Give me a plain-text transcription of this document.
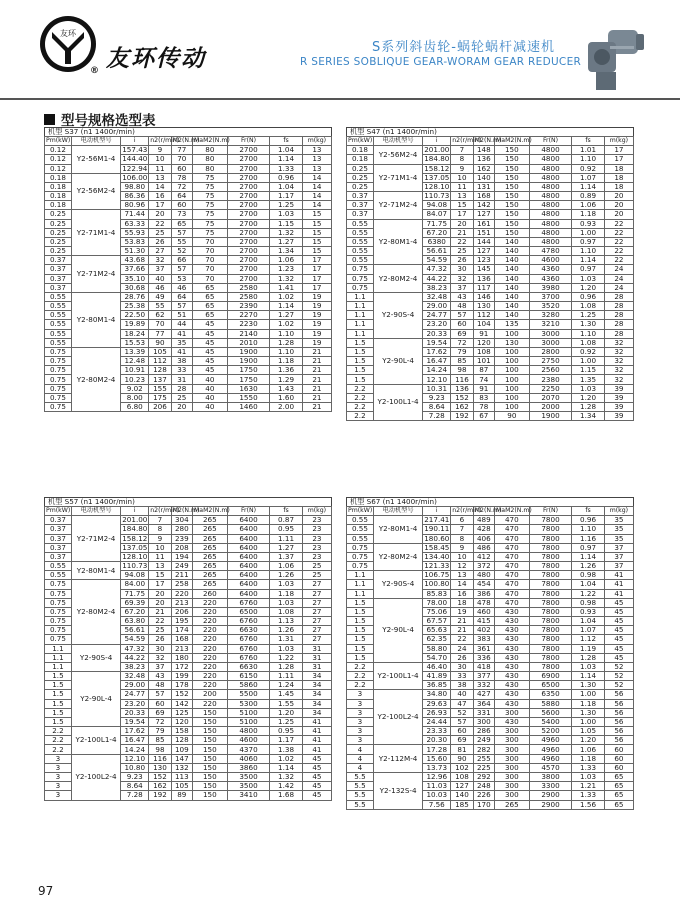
友环
® 友环传动	S系列斜齿轮-蜗轮蜗杆减速机
R SERIES SOBLIQUE GEAR-WORAM GEAR REDUCER
型号规格选型表
机型 S37 (n1 1400r/min)
Pm(kW)	电动机型号	i	n2(r/min)	M2(N.m)	MaM2(N.m)	Fr(N)	fs	m(kg)
0.12	Y2-56M1-4	157.43	9	77	80	2700	1.04	13
0.12		144.40	10	70	80	2700	1.14	13
0.12		122.94	11	60	80	2700	1.33	13
0.18	Y2-56M2-4	106.00	13	78	75	2700	0.96	14
0.18		98.80	14	72	75	2700	1.04	14
0.18		86.36	16	64	75	2700	1.17	14
0.18		80.96	17	60	75	2700	1.25	14
0.25	Y2-71M1-4	71.44	20	73	75	2700	1.03	15
0.25		63.33	22	65	75	2700	1.15	15
0.25		55.93	25	57	75	2700	1.32	15
0.25		53.83	26	55	70	2700	1.27	15
0.25		51.30	27	52	70	2700	1.34	15
0.37	Y2-71M2-4	43.68	32	66	70	2700	1.06	17
0.37		37.66	37	57	70	2700	1.23	17
0.37		35.10	40	53	70	2700	1.32	17
0.37		30.68	46	46	65	2580	1.41	17
0.55	Y2-80M1-4	28.76	49	64	65	2580	1.02	19
0.55		25.38	55	57	65	2390	1.14	19
0.55		22.50	62	51	65	2270	1.27	19
0.55		19.89	70	44	45	2230	1.02	19
0.55		18.24	77	41	45	2140	1.10	19
0.55		15.53	90	35	45	2010	1.28	19
0.75	Y2-80M2-4	13.39	105	41	45	1900	1.10	21
0.75		12.48	112	38	45	1900	1.18	21
0.75		10.91	128	33	45	1750	1.36	21
0.75		10.23	137	31	40	1750	1.29	21
0.75		9.02	155	28	40	1630	1.43	21
0.75		8.00	175	25	40	1550	1.60	21
0.75		6.80	206	20	40	1460	2.00	21
机型 S47 (n1 1400r/min)
Pm(kW)	电动机型号	i	n2(r/min)	M2(N.m)	MaM2(N.m)	Fr(N)	fs	m(kg)
0.18	Y2-56M2-4	201.00	7	148	150	4800	1.01	17
0.18		184.80	8	136	150	4800	1.10	17
0.25	Y2-71M1-4	158.12	9	162	150	4800	0.92	18
0.25		137.05	10	140	150	4800	1.07	18
0.25		128.10	11	131	150	4800	1.14	18
0.37	Y2-71M2-4	110.73	13	168	150	4800	0.89	20
0.37		94.08	15	142	150	4800	1.06	20
0.37		84.07	17	127	150	4800	1.18	20
0.55	Y2-80M1-4	71.75	20	161	150	4800	0.93	22
0.55		67.20	21	151	150	4800	1.00	22
0.55		6380	22	144	140	4800	0.97	22
0.55		56.61	25	127	140	4780	1.10	22
0.55		54.59	26	123	140	4600	1.14	22
0.75	Y2-80M2-4	47.32	30	145	140	4360	0.97	24
0.75		44.22	32	136	140	4360	1.03	24
0.75		38.23	37	117	140	3980	1.20	24
1.1	Y2-90S-4	32.48	43	146	140	3700	0.96	28
1.1		29.00	48	130	140	3520	1.08	28
1.1		24.77	57	112	140	3280	1.25	28
1.1		23.20	60	104	135	3210	1.30	28
1.1		20.33	69	91	100	3000	1.10	28
1.5	Y2-90L-4	19.54	72	120	130	3000	1.08	32
1.5		17.62	79	108	100	2800	0.92	32
1.5		16.47	85	101	100	2750	1.00	32
1.5		14.24	98	87	100	2560	1.15	32
1.5		12.10	116	74	100	2380	1.35	32
2.2	Y2-100L1-4	10.31	136	91	100	2250	1.03	39
2.2		9.23	152	83	100	2070	1.20	39
2.2		8.64	162	78	100	2000	1.28	39
2.2		7.28	192	67	90	1900	1.34	39
机型 S57 (n1 1400r/min)
Pm(kW)	电动机型号	i	n2(r/min)	M2(N.m)	MaM2(N.m)	Fr(N)	fs	m(kg)
0.37	Y2-71M2-4	201.00	7	304	265	6400	0.87	23
0.37		184.80	8	280	265	6400	0.95	23
0.37		158.12	9	239	265	6400	1.11	23
0.37		137.05	10	208	265	6400	1.27	23
0.37		128.10	11	194	265	6400	1.37	23
0.55	Y2-80M1-4	110.73	13	249	265	6400	1.06	25
0.55		94.08	15	211	265	6400	1.26	25
0.75	Y2-80M2-4	84.00	17	258	265	6400	1.03	27
0.75		71.75	20	220	260	6400	1.18	27
0.75		69.39	20	213	220	6760	1.03	27
0.75		67.20	21	206	220	6500	1.08	27
0.75		63.80	22	195	220	6760	1.13	27
0.75		56.61	25	174	220	6630	1.26	27
0.75		54.59	26	168	220	6760	1.31	27
1.1	Y2-90S-4	47.32	30	213	220	6760	1.03	31
1.1		44.22	32	180	220	6760	1.22	31
1.1		38.23	37	172	220	6630	1.28	31
1.5	Y2-90L-4	32.48	43	199	220	6150	1.11	34
1.5		29.00	48	178	220	5860	1.24	34
1.5		24.77	57	152	200	5500	1.45	34
1.5		23.20	60	142	220	5300	1.55	34
1.5		20.33	69	125	150	5100	1.20	34
1.5		19.54	72	120	150	5100	1.25	41
2.2	Y2-100L1-4	17.62	79	158	150	4800	0.95	41
2.2		16.47	85	128	150	4600	1.17	41
2.2		14.24	98	109	150	4370	1.38	41
3	Y2-100L2-4	12.10	116	147	150	4060	1.02	45
3		10.80	130	132	150	3860	1.14	45
3		9.23	152	113	150	3500	1.32	45
3		8.64	162	105	150	3500	1.42	45
3		7.28	192	89	150	3410	1.68	45
机型 S67 (n1 1400r/min)
Pm(kW)	电动机型号	i	n2(r/min)	M2(N.m)	MaM2(N.m)	Fr(N)	fs	m(kg)
0.55	Y2-80M1-4	217.41	6	489	470	7800	0.96	35
0.55		190.11	7	428	470	7800	1.10	35
0.55		180.60	8	406	470	7800	1.16	35
0.75	Y2-80M2-4	158.45	9	486	470	7800	0.97	37
0.75		134.40	10	412	470	7800	1.14	37
0.75		121.33	12	372	470	7800	1.26	37
1.1	Y2-90S-4	106.75	13	480	470	7800	0.98	41
1.1		100.80	14	454	470	7800	1.04	41
1.1		85.83	16	386	470	7800	1.22	41
1.5	Y2-90L-4	78.00	18	478	470	7800	0.98	45
1.5		75.06	19	460	430	7800	0.93	45
1.5		67.57	21	415	430	7800	1.04	45
1.5		65.63	21	402	430	7800	1.07	45
1.5		62.35	22	383	430	7800	1.12	45
1.5		58.80	24	361	430	7800	1.19	45
1.5		54.70	26	336	430	7800	1.28	45
2.2	Y2-100L1-4	46.40	30	418	430	7800	1.03	52
2.2		41.89	33	377	430	6900	1.14	52
2.2		36.85	38	332	430	6500	1.30	52
3	Y2-100L2-4	34.80	40	427	430	6350	1.00	56
3		29.63	47	364	430	5880	1.18	56
3		26.93	52	331	300	5600	1.30	56
3		24.44	57	300	430	5400	1.00	56
3		23.33	60	286	300	5200	1.05	56
3		20.30	69	249	300	4960	1.20	56
4	Y2-112M-4	17.28	81	282	300	4960	1.06	60
4		15.60	90	255	300	4960	1.18	60
4		13.73	102	225	300	4570	1.33	60
5.5	Y2-132S-4	12.96	108	292	300	3800	1.03	65
5.5		11.03	127	248	300	3300	1.21	65
5.5		10.03	140	226	300	2900	1.33	65
5.5		7.56	185	170	265	2900	1.56	65
97
